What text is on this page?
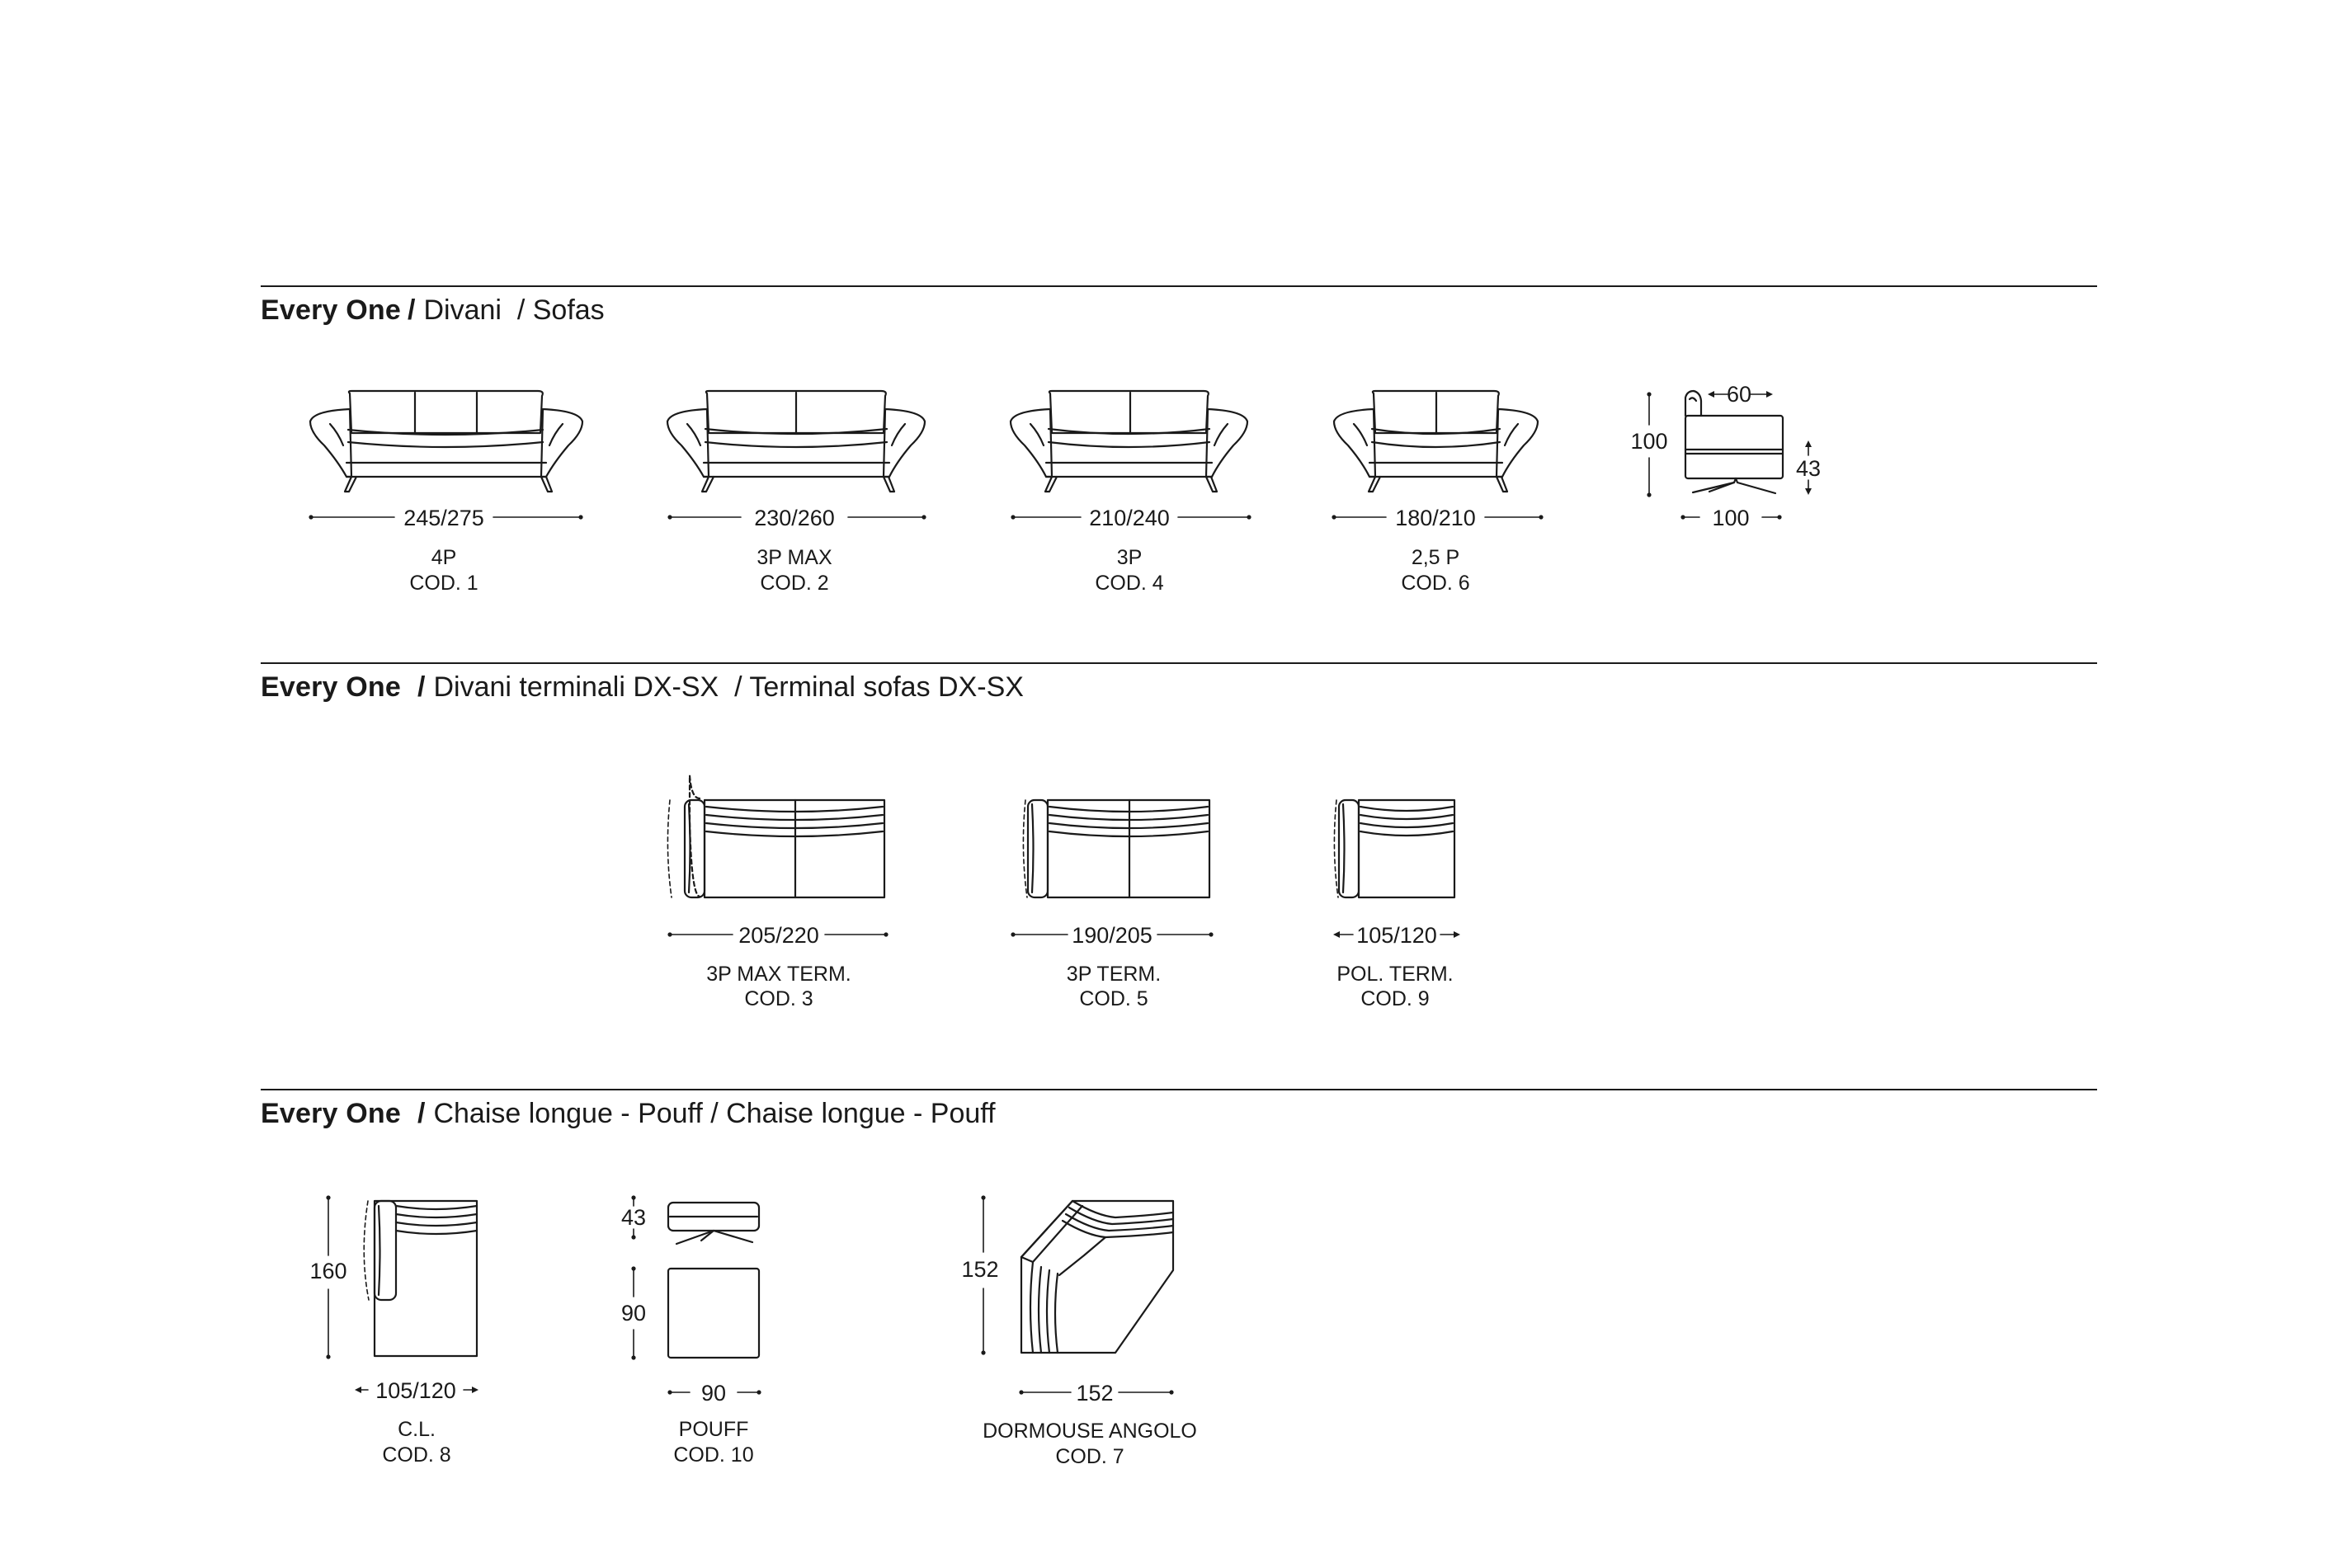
Every One / Divani  / Sofas
Every One / Divani terminali DX-SX  / Terminal sofas DX-SX
Every One / Chaise longue - Pouff / Chaise longue - Pouff
245/275	230/260	210/240	180/210
4P
COD. 1
3P MAX
COD. 2
3P
COD. 4
2,5 P
COD. 6
60
100
43
100
205/220	190/205	105/120
3P MAX TERM.
COD. 3
3P TERM.
COD. 5
POL. TERM.
COD. 9
160
105/120
C.L.
COD. 8
43
90
90
POUFF
COD. 10
152
152
DORMOUSE ANGOLO
COD. 7
